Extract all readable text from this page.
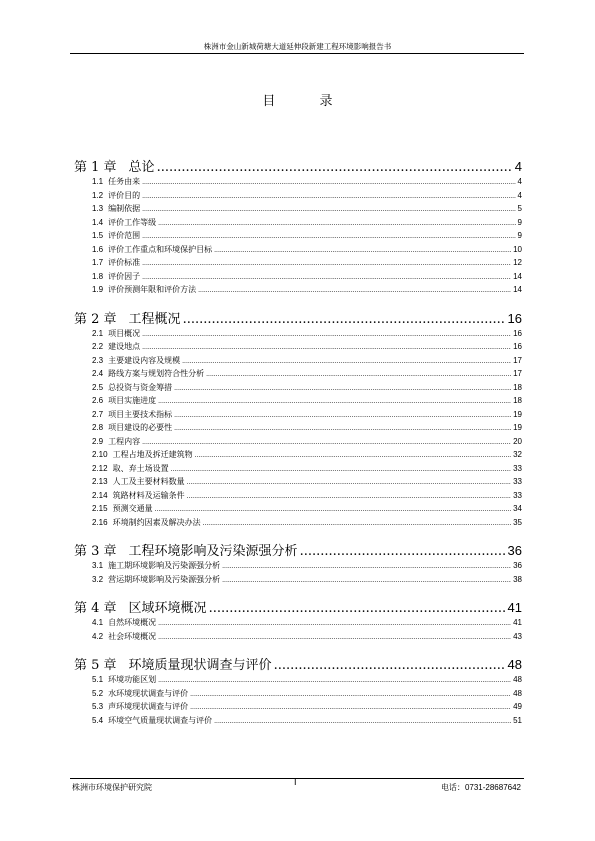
株洲市金山新城荷塘大道延伸段新建工程环境影响报告书
目 录
第 1 章 总论 .....	4
1.1 任务由来 .....	4
1.2 评价目的 .....	4
1.3 编制依据 .....	5
1.4 评价工作等级 .....	9
1.5 评价范围 .....	9
1.6 评价工作重点和环境保护目标 .....	10
1.7 评价标准 .....	12
1.8 评价因子 .....	14
1.9 评价预测年限和评价方法 .....	14
第 2 章 工程概况 .....	16
2.1 项目概况 .....	16
2.2 建设地点 .....	16
2.3 主要建设内容及规模 .....	17
2.4 路线方案与规划符合性分析 .....	17
2.5 总投资与资金筹措 .....	18
2.6 项目实施进度 .....	18
2.7 项目主要技术指标 .....	19
2.8 项目建设的必要性 .....	19
2.9 工程内容 .....	20
2.10 工程占地及拆迁建筑物 .....	32
2.12 取、弃土场设置 .....	33
2.13 人工及主要材料数量 .....	33
2.14 筑路材料及运输条件 .....	33
2.15 预测交通量 .....	34
2.16 环境制约因素及解决办法 .....	35
第 3 章 工程环境影响及污染源强分析 .....	36
3.1 施工期环境影响及污染源强分析 .....	36
3.2 营运期环境影响及污染源强分析 .....	38
第 4 章 区域环境概况 .....	41
4.1 自然环境概况 .....	41
4.2 社会环境概况 .....	43
第 5 章 环境质量现状调查与评价 .....	48
5.1 环境功能区划 .....	48
5.2 水环境现状调查与评价 .....	48
5.3 声环境现状调查与评价 .....	49
5.4 环境空气质量现状调查与评价 .....	51
株洲市环境保护研究院
I
电话：0731-28687642
